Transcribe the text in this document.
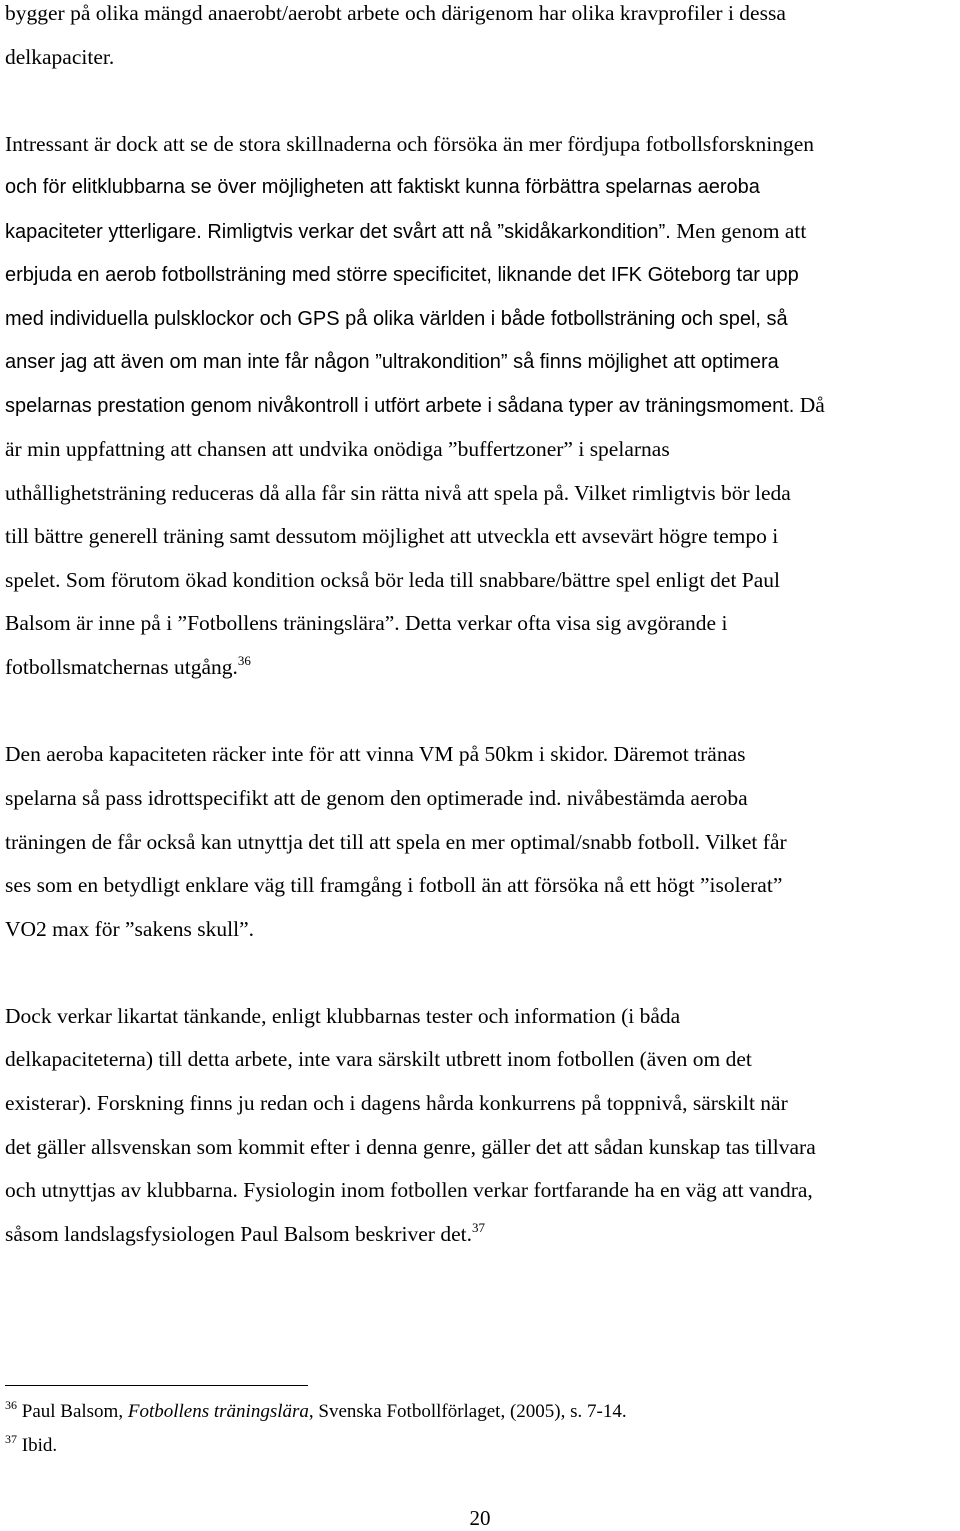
bygger på olika mängd anaerobt/aerobt arbete och därigenom har olika kravprofiler i dessa
delkapaciter.
Intressant är dock att se de stora skillnaderna och försöka än mer fördjupa fotbollsforskningen
och för elitklubbarna se över möjligheten att faktiskt kunna förbättra spelarnas aeroba
kapaciteter ytterligare. Rimligtvis verkar det svårt att nå ”skidåkarkondition”. Men genom att
erbjuda en aerob fotbollsträning med större specificitet, liknande det IFK Göteborg tar upp
med individuella pulsklockor och GPS på olika världen i både fotbollsträning och spel, så
anser jag att även om man inte får någon ”ultrakondition” så finns möjlighet att optimera
spelarnas prestation genom nivåkontroll i utfört arbete i sådana typer av träningsmoment. Då
är min uppfattning att chansen att undvika onödiga ”buffertzoner” i spelarnas
uthållighetsträning reduceras då alla får sin rätta nivå att spela på. Vilket rimligtvis bör leda
till bättre generell träning samt dessutom möjlighet att utveckla ett avsevärt högre tempo i
spelet. Som förutom ökad kondition också bör leda till snabbare/bättre spel enligt det Paul
Balsom är inne på i ”Fotbollens träningslära”. Detta verkar ofta visa sig avgörande i
fotbollsmatchernas utgång.$^{36}$
Den aeroba kapaciteten räcker inte för att vinna VM på 50km i skidor. Däremot tränas
spelarna så pass idrottspecifikt att de genom den optimerade ind. nivåbestämda aeroba
träningen de får också kan utnyttja det till att spela en mer optimal/snabb fotboll. Vilket får
ses som en betydligt enklare väg till framgång i fotboll än att försöka nå ett högt ”isolerat”
VO2 max för ”sakens skull”.
Dock verkar likartat tänkande, enligt klubbarnas tester och information (i båda
delkapaciteterna) till detta arbete, inte vara särskilt utbrett inom fotbollen (även om det
existerar). Forskning finns ju redan och i dagens hårda konkurrens på toppnivå, särskilt när
det gäller allsvenskan som kommit efter i denna genre, gäller det att sådan kunskap tas tillvara
och utnyttjas av klubbarna. Fysiologin inom fotbollen verkar fortfarande ha en väg att vandra,
såsom landslagsfysiologen Paul Balsom beskriver det.$^{37}$
$^{36}$ Paul Balsom, Fotbollens träningslära, Svenska Fotbollförlaget, (2005), s. 7-14.
$^{37}$ Ibid.
20
